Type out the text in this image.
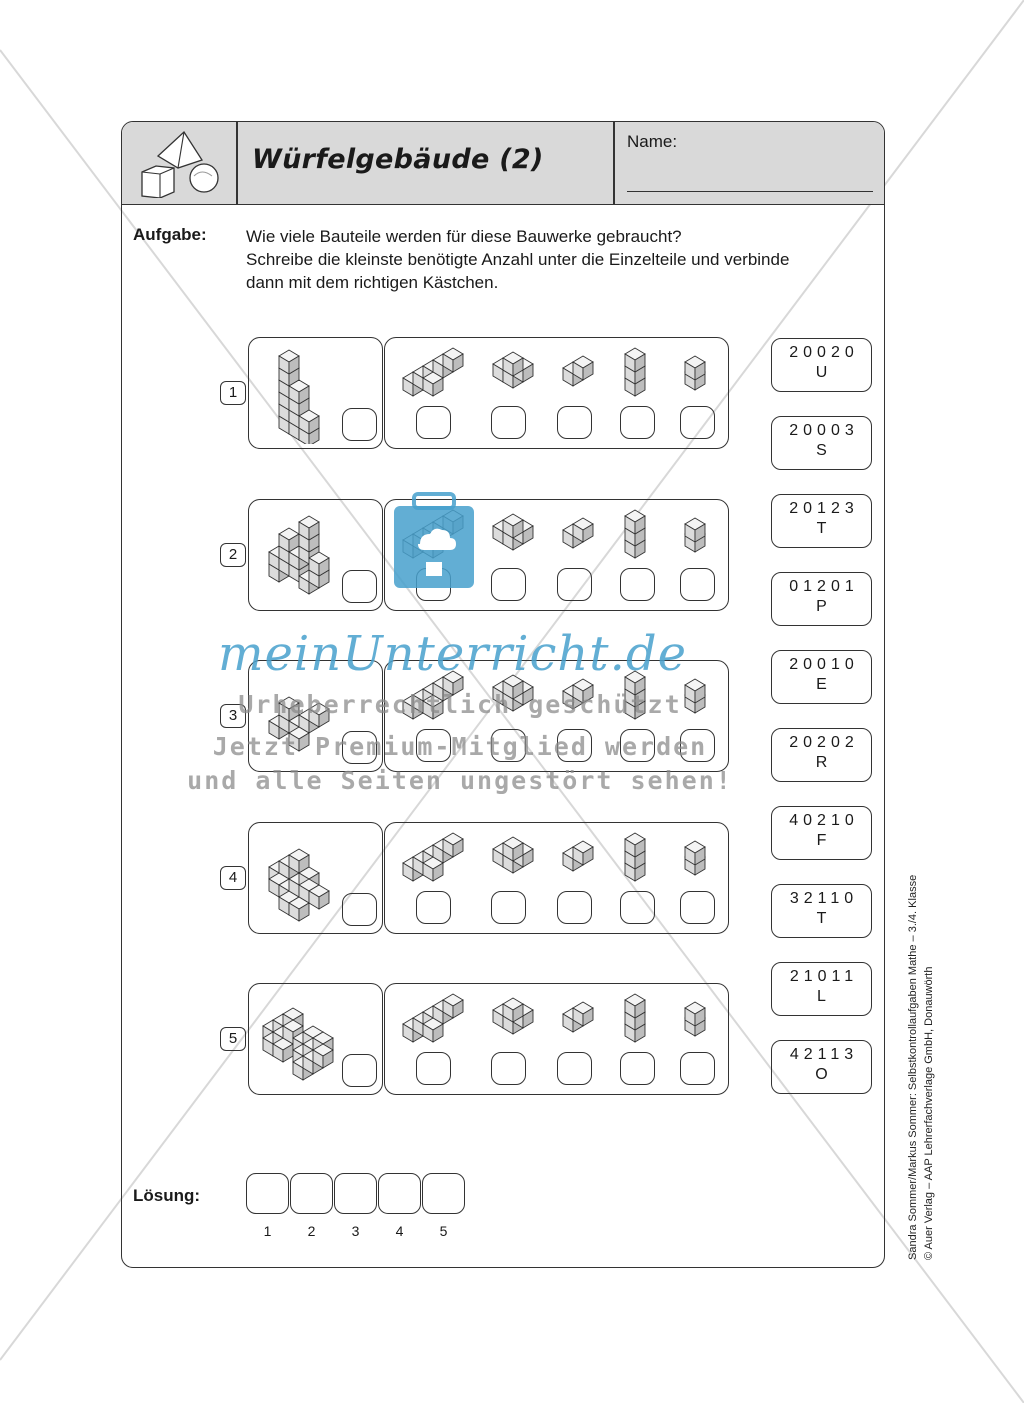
Würfelgebäude (2)
Name:
Aufgabe: Wie viele Bauteile werden für diese Bauwerke gebraucht?
Schreibe die kleinste benötigte Anzahl unter die Einzelteile und verbinde
dann mit dem richtigen Kästchen.
1
2
3
4
5
20020
U
20003
S
20123
T
01201
P
20010
E
20202
R
40210
F
32110
T
21011
L
42113
O
Lösung:
1	2	3	4	5	Sandra Sommer/Markus Sommer: Selbstkontrollaufgaben Mathe – 3./4. Klasse © Auer Verlag – AAP Lehrerfachverlage GmbH, Donauwörth
meinUnterricht.de
Urheberrechtlich geschützt
Jetzt Premium-Mitglied werden
und alle Seiten ungestört sehen!
